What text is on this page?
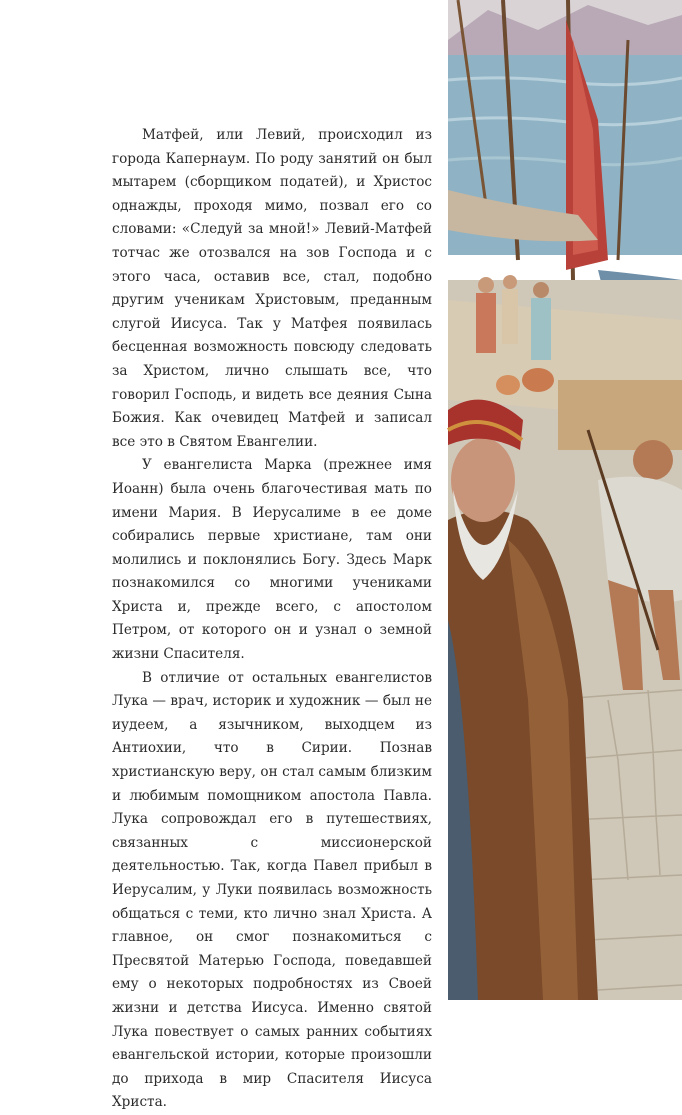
Матфей, или Левий, происходил из города Капернаум. По роду занятий он был мытарем (сборщиком податей), и Христос однажды, проходя мимо, позвал его со словами: «Следуй за мной!» Левий-Матфей тотчас же отозвался на зов Господа и с этого часа, оставив все, стал, подобно другим ученикам Христовым, преданным слугой Иисуса. Так у Матфея появилась бесценная возможность повсюду следовать за Христом, лично слышать все, что говорил Господь, и видеть все деяния Сына Божия. Как очевидец Матфей и записал все это в Святом Евангелии.

У евангелиста Марка (прежнее имя Иоанн) была очень благочестивая мать по имени Мария. В Иерусалиме в ее доме собирались первые христиане, там они молились и поклонялись Богу. Здесь Марк познакомился со многими учениками Христа и, прежде всего, с апостолом Петром, от которого он и узнал о земной жизни Спасителя.

В отличие от остальных евангелистов Лука — врач, историк и художник — был не иудеем, а язычником, выходцем из Антиохии, что в Сирии. Познав христианскую веру, он стал самым близким и любимым помощником апостола Павла. Лука сопровождал его в путешествиях, связанных с миссионерской деятельностью. Так, когда Павел прибыл в Иерусалим, у Луки появилась возможность общаться с теми, кто лично знал Христа. А главное, он смог познакомиться с Пресвятой Матерью Господа, поведавшей ему о некоторых подробностях из Своей жизни и детства Иисуса. Именно святой Лука повествует о самых ранних событиях евангельской истории, которые произошли до прихода в мир Спасителя Иисуса Христа.
